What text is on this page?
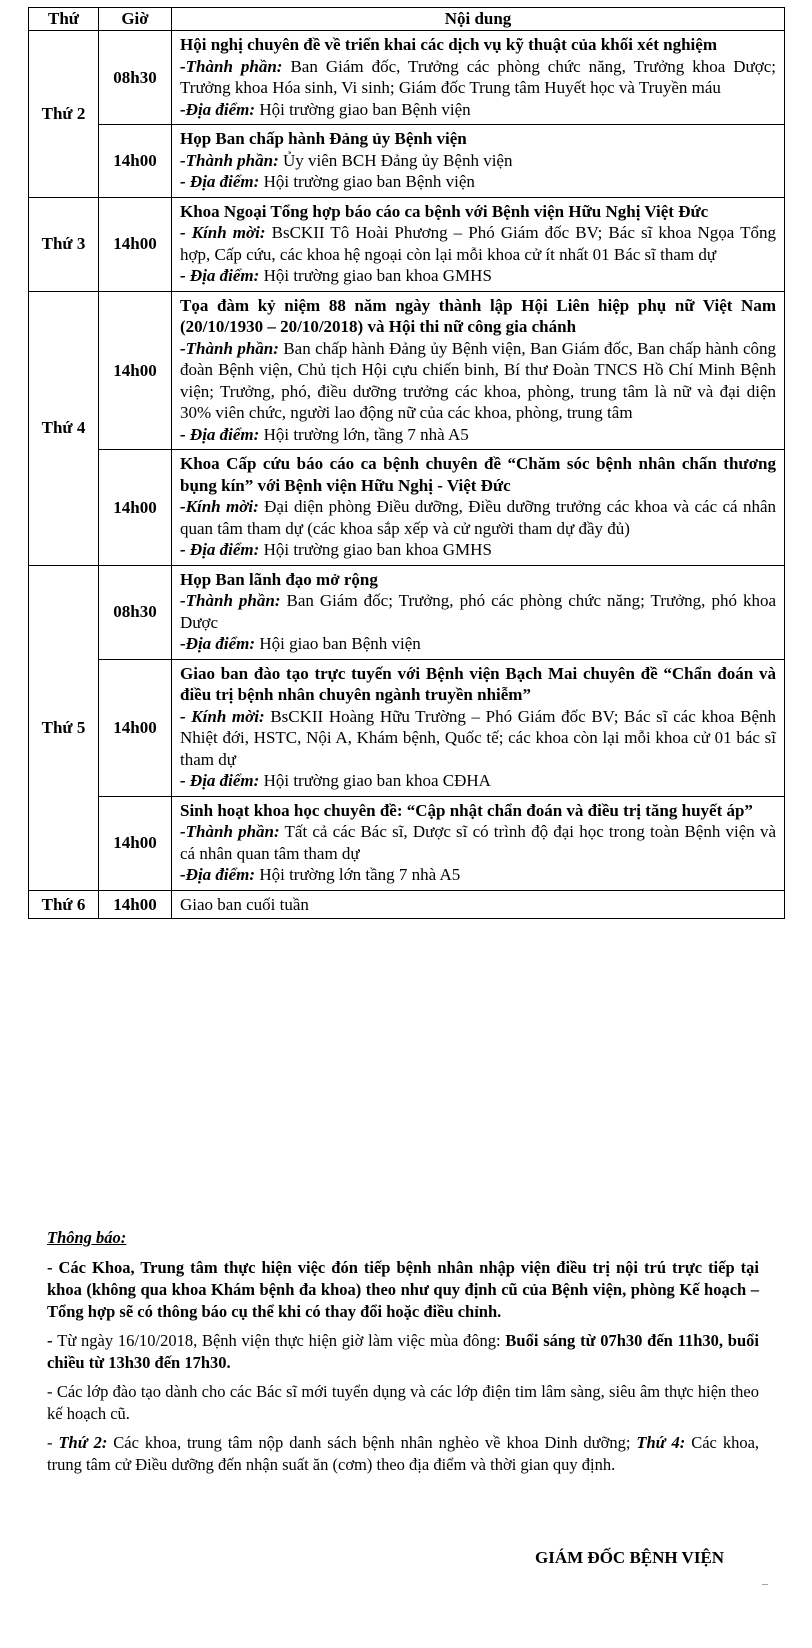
Thứ	Giờ	Nội dung
Thứ 2	08h30	Hội nghị chuyên đề về triển khai các dịch vụ kỹ thuật của khối xét nghiệm
-Thành phần: Ban Giám đốc, Trưởng các phòng chức năng, Trưởng khoa Dược; Trưởng khoa Hóa sinh, Vi sinh; Giám đốc Trung tâm Huyết học và Truyền máu
-Địa điểm: Hội trường giao ban Bệnh viện

	14h00	Họp Ban chấp hành Đảng ủy Bệnh viện
-Thành phần: Ủy viên BCH Đảng ủy Bệnh viện
- Địa điểm: Hội trường giao ban Bệnh viện

Thứ 3	14h00	Khoa Ngoại Tổng hợp báo cáo ca bệnh với Bệnh viện Hữu Nghị Việt Đức
- Kính mời: BsCKII Tô Hoài Phương – Phó Giám đốc BV; Bác sĩ khoa Ngọa Tổng hợp, Cấp cứu, các khoa hệ ngoại còn lại mỗi khoa cử ít nhất 01 Bác sĩ tham dự
- Địa điểm: Hội trường giao ban khoa GMHS

Thứ 4	14h00	Tọa đàm kỷ niệm 88 năm ngày thành lập Hội Liên hiệp phụ nữ Việt Nam (20/10/1930 – 20/10/2018) và Hội thi nữ công gia chánh
-Thành phần: Ban chấp hành Đảng ủy Bệnh viện, Ban Giám đốc, Ban chấp hành công đoàn Bệnh viện, Chủ tịch Hội cựu chiến binh, Bí thư Đoàn TNCS Hồ Chí Minh Bệnh viện; Trưởng, phó, điều dưỡng trưởng các khoa, phòng, trung tâm là nữ và đại diện 30% viên chức, người lao động nữ của các khoa, phòng, trung tâm
- Địa điểm: Hội trường lớn, tầng 7 nhà A5

	14h00	Khoa Cấp cứu báo cáo ca bệnh chuyên đề “Chăm sóc bệnh nhân chấn thương bụng kín” với Bệnh viện Hữu Nghị - Việt Đức
-Kính mời: Đại diện phòng Điều dưỡng, Điều dưỡng trưởng các khoa và các cá nhân quan tâm tham dự (các khoa sắp xếp và cử người tham dự đầy đủ)
- Địa điểm: Hội trường giao ban khoa GMHS

Thứ 5	08h30	Họp Ban lãnh đạo mở rộng
-Thành phần: Ban Giám đốc; Trưởng, phó các phòng chức năng; Trưởng, phó khoa Dược
-Địa điểm: Hội giao ban Bệnh viện

	14h00	Giao ban đào tạo trực tuyến với Bệnh viện Bạch Mai chuyên đề “Chẩn đoán và điều trị bệnh nhân chuyên ngành truyền nhiễm”
- Kính mời: BsCKII Hoàng Hữu Trường – Phó Giám đốc BV; Bác sĩ các khoa Bệnh Nhiệt đới, HSTC, Nội A, Khám bệnh, Quốc tế; các khoa còn lại mỗi khoa cử 01 bác sĩ tham dự
- Địa điểm: Hội trường giao ban khoa CĐHA

	14h00	Sinh hoạt khoa học chuyên đề: “Cập nhật chẩn đoán và điều trị tăng huyết áp”
-Thành phần: Tất cả các Bác sĩ, Dược sĩ có trình độ đại học trong toàn Bệnh viện và cá nhân quan tâm tham dự
-Địa điểm: Hội trường lớn tầng 7 nhà A5

Thứ 6	14h00	Giao ban cuối tuần
Thông báo:

- Các Khoa, Trung tâm thực hiện việc đón tiếp bệnh nhân nhập viện điều trị nội trú trực tiếp tại khoa (không qua khoa Khám bệnh đa khoa) theo như quy định cũ của Bệnh viện, phòng Kế hoạch – Tổng hợp sẽ có thông báo cụ thể khi có thay đổi hoặc điều chỉnh.

- Từ ngày 16/10/2018, Bệnh viện thực hiện giờ làm việc mùa đông: Buổi sáng từ 07h30 đến 11h30, buổi chiều từ 13h30 đến 17h30.

- Các lớp đào tạo dành cho các Bác sĩ mới tuyển dụng và các lớp điện tim lâm sàng, siêu âm thực hiện theo kế hoạch cũ.

- Thứ 2: Các khoa, trung tâm nộp danh sách bệnh nhân nghèo về khoa Dinh dưỡng; Thứ 4: Các khoa, trung tâm cử Điều dưỡng đến nhận suất ăn (cơm) theo địa điểm và thời gian quy định.

GIÁM ĐỐC BỆNH VIỆN
–
